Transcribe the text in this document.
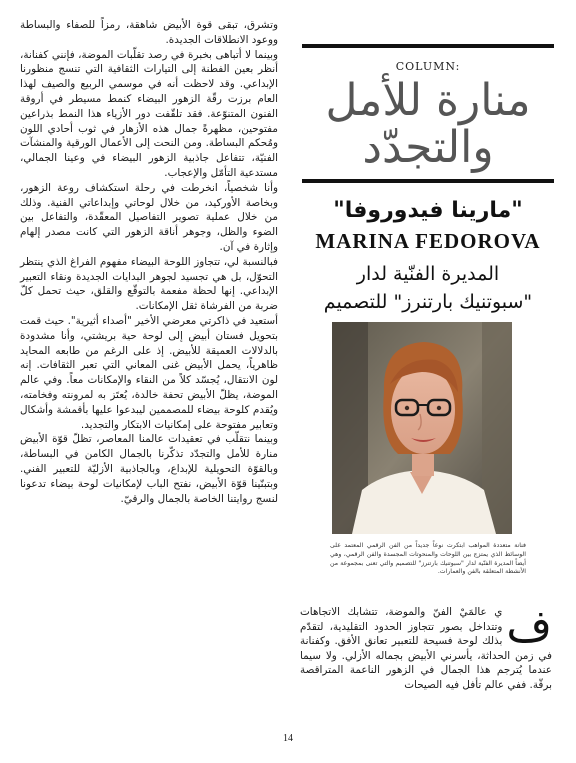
وتشرق، تبقى قوة الأبيض شاهقة، رمزاً للصفاء والبساطة ووعود الانطلاقات الجديدة.

وبينما لا أتباهى بخبرة في رصد تقلّبات الموضة، فإنني كفنانة، أنظر بعين الفطنة إلى التيارات الثقافية التي تنسج منظورنا الإبداعي. وقد لاحظت أنه في موسمي الربيع والصيف لهذا العام برزت رقّة الزهور البيضاء كنمط مسيطر في أروقة الفنون المتنوّعة. فقد تلقّفت دور الأزياء هذا النمط بذراعين مفتوحين، مظهرةً جمال هذه الأزهار في ثوب أحادي اللون ومُحكم البساطة. ومن النحت إلى الأعمال الورقية والمنشآت الفنيّة، تتفاعل جاذبية الزهور البيضاء في وعينا الجمالي، مستدعية التأمّل والإعجاب.

وأنا شخصياً، انخرطت في رحلة استكشاف روعة الزهور، وبخاصة الأوركيد، من خلال لوحاتي وإبداعاتي الفنية. وذلك من خلال عملية تصوير التفاصيل المعقّدة، والتفاعل بين الضوء والظل، وجوهر أناقة الزهور التي كانت مصدر إلهام وإثارة في آن.

فبالنسبة لي، تتجاوز اللوحة البيضاء مفهوم الفراغ الذي ينتظر التحوّل، بل هي تجسيد لجوهر البدايات الجديدة ونقاء التعبير الإبداعي. إنها لحظة مفعمة بالتوقّع والقلق، حيث تحمل كلّ ضربة من الفرشاة ثقل الإمكانات.

أستعيد في ذاكرتي معرضي الأخير "أصداء أثيرية". حيث قمت بتحويل فستان أبيض إلى لوحة حية بريشتي، وأنا مشدودة بالدلالات العميقة للأبيض. إذ على الرغم من طابعه المحايد ظاهرياً، يحمل الأبيض غنى المعاني التي تعبر الثقافات. إنه لون الانتقال، يُجسّد كلاً من النقاء والإمكانات معاً. وفي عالم الموضة، يظلّ الأبيض تحفة خالدة، يُعتَز به لمرونته وفخامته، ويُقدم كلوحة بيضاء للمصممين ليبدعوا عليها بأقمشة وأشكال وتعابير مفتوحة على إمكانيات الابتكار والتجديد.

وبينما نتقلّب في تعقيدات عالمنا المعاصر، تظلّ قوّة الأبيض منارة للأمل والتجدّد تذكّرنا بالجمال الكامن في البساطة، وبالقوّة التحويلية للإبداع، وبالجاذبية الأزليّة للتعبير الفني. وبتبنّينا قوّة الأبيض، نفتح الباب لإمكانيات لوحة بيضاء تدعونا لنسج روايتنا الخاصة بالجمال والرقيّ.

COLUMN:
منارة للأمل
والتجدّد
"مارينا فيدوروفا"
MARINA FEDOROVA
المديرة الفنّية لدار
"سبوتنيك بارتنرز" للتصميم
فنانة متعددة المواهب ابتكرت نوعاً جديداً من الفن الرقمي المعتمد على الوسائط الذي يمتزج بين اللوحات والمنحوتات المجسدة والفن الرقمي، وهي أيضاً المديرة الفنّية لدار "سبوتنيك بارتنرز" للتصميم والتي تعنى بمجموعة من الأنشطة المتعلقة بالفن والعمارات.
ف
ي عالمَيْ الفنّ والموضة، تتشابك الاتجاهات وتتداخل بصور تتجاوز الحدود التقليدية، لتقدّم بذلك لوحة فسيحة للتعبير تعانق الأفق. وكفنانة في زمن الحداثة، يأسرني الأبيض بجماله الأزلي. ولا سيما عندما يُترجم هذا الجمال في الزهور الناعمة المتراقصة برقّة. ففي عالم تأفل فيه الصيحات
14
